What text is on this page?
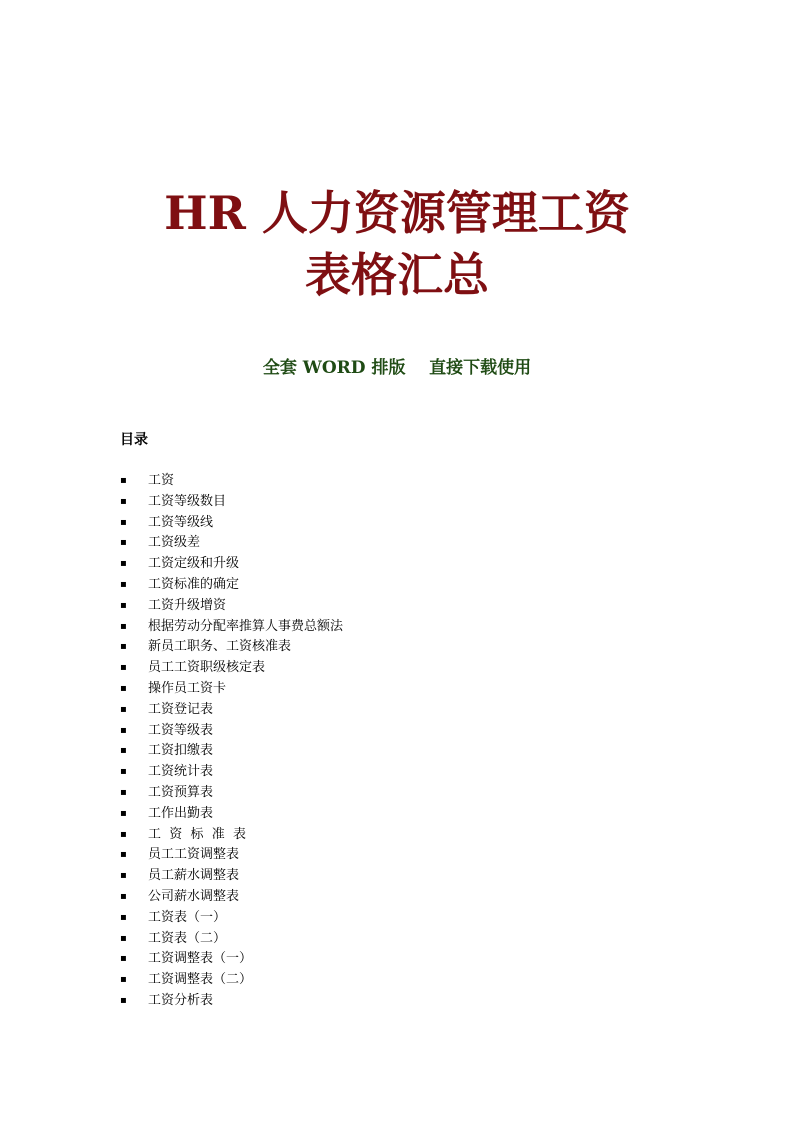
HR 人力资源管理工资
表格汇总
全套 WORD 排版    直接下载使用
目录
▪ 工资
▪ 工资等级数目
▪ 工资等级线
▪ 工资级差
▪ 工资定级和升级
▪ 工资标准的确定
▪ 工资升级增资
▪ 根据劳动分配率推算人事费总额法
▪ 新员工职务、工资核准表
▪ 员工工资职级核定表
▪ 操作员工资卡
▪ 工资登记表
▪ 工资等级表
▪ 工资扣缴表
▪ 工资统计表
▪ 工资预算表
▪ 工作出勤表
▪ 工  资  标  准  表
▪ 员工工资调整表
▪ 员工薪水调整表
▪ 公司薪水调整表
▪ 工资表（一）
▪ 工资表（二）
▪ 工资调整表（一）
▪ 工资调整表（二）
▪ 工资分析表
